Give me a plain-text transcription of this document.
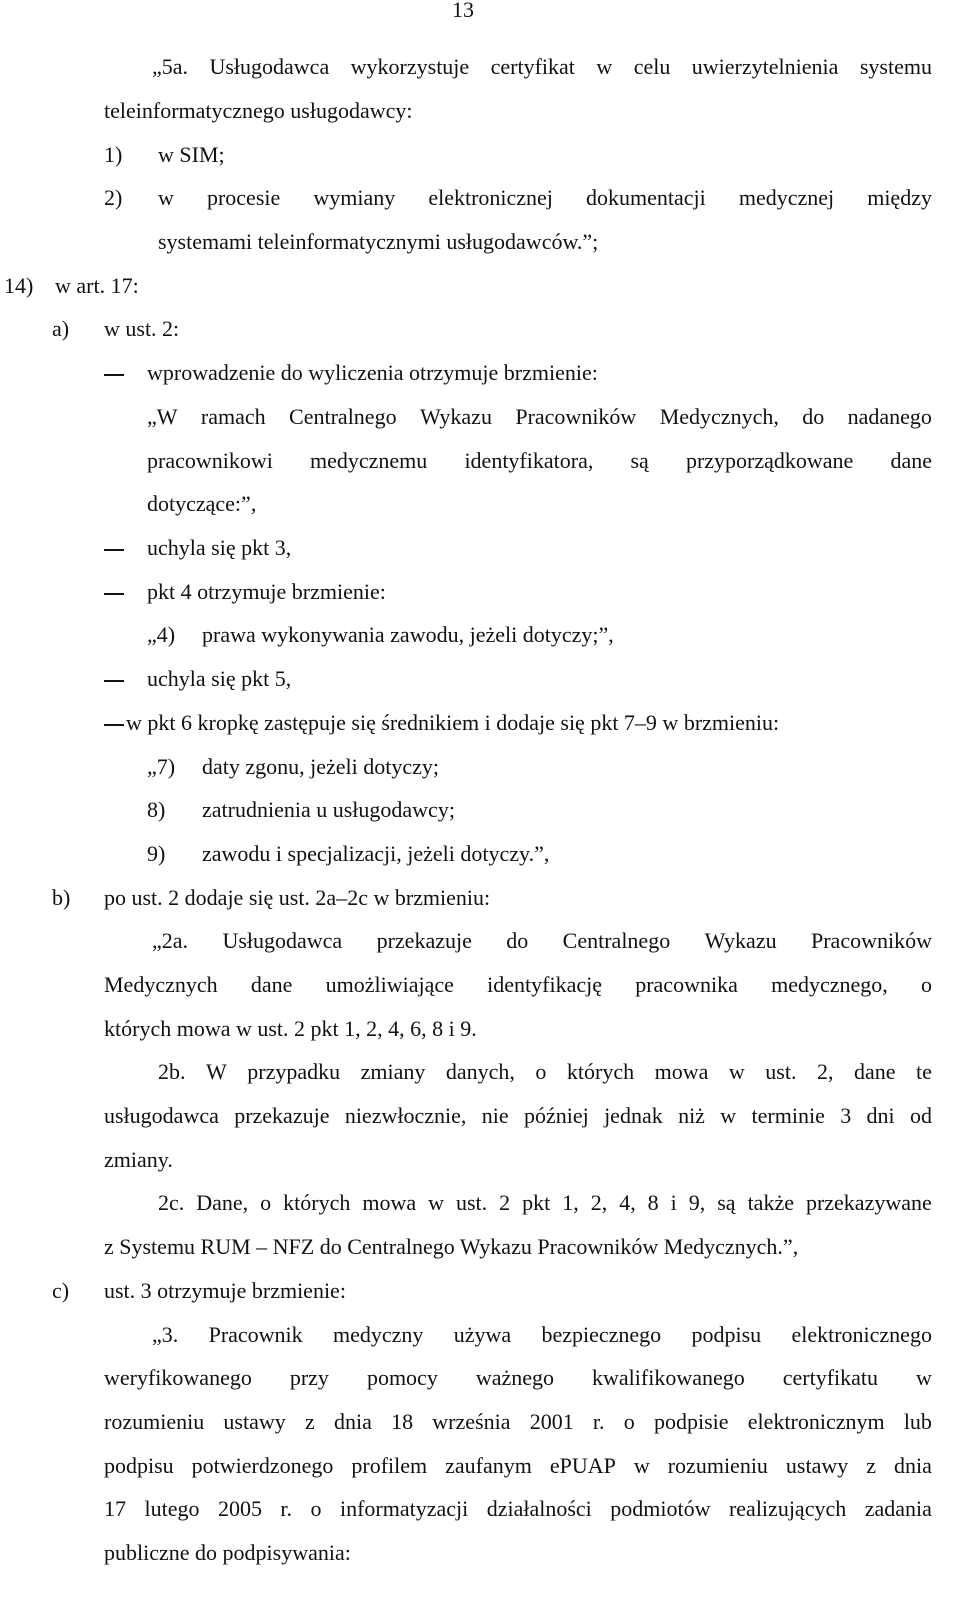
13
„5a. Usługodawca wykorzystuje certyfikat w celu uwierzytelnienia systemu
teleinformatycznego usługodawcy:
1) w SIM;
2) w procesie wymiany elektronicznej dokumentacji medycznej między
systemami teleinformatycznymi usługodawców.”;
14) w art. 17:
a) w ust. 2:
wprowadzenie do wyliczenia otrzymuje brzmienie:
„W ramach Centralnego Wykazu Pracowników Medycznych, do nadanego
pracownikowi medycznemu identyfikatora, są przyporządkowane dane
dotyczące:”,
uchyla się pkt 3,
pkt 4 otrzymuje brzmienie:
„4) prawa wykonywania zawodu, jeżeli dotyczy;”,
uchyla się pkt 5,
w pkt 6 kropkę zastępuje się średnikiem i dodaje się pkt 7–9 w brzmieniu:
„7) daty zgonu, jeżeli dotyczy;
8) zatrudnienia u usługodawcy;
9) zawodu i specjalizacji, jeżeli dotyczy.”,
b) po ust. 2 dodaje się ust. 2a–2c w brzmieniu:
„2a. Usługodawca przekazuje do Centralnego Wykazu Pracowników
Medycznych dane umożliwiające identyfikację pracownika medycznego, o
których mowa w ust. 2 pkt 1, 2, 4, 6, 8 i 9.
2b. W przypadku zmiany danych, o których mowa w ust. 2, dane te
usługodawca przekazuje niezwłocznie, nie później jednak niż w terminie 3 dni od
zmiany.
2c. Dane, o których mowa w ust. 2 pkt 1, 2, 4, 8 i 9, są także przekazywane
z Systemu RUM – NFZ do Centralnego Wykazu Pracowników Medycznych.”,
c) ust. 3 otrzymuje brzmienie:
„3. Pracownik medyczny używa bezpiecznego podpisu elektronicznego
weryfikowanego przy pomocy ważnego kwalifikowanego certyfikatu w
rozumieniu ustawy z dnia 18 września 2001 r. o podpisie elektronicznym lub
podpisu potwierdzonego profilem zaufanym ePUAP w rozumieniu ustawy z dnia
17 lutego 2005 r. o informatyzacji działalności podmiotów realizujących zadania
publiczne do podpisywania:
